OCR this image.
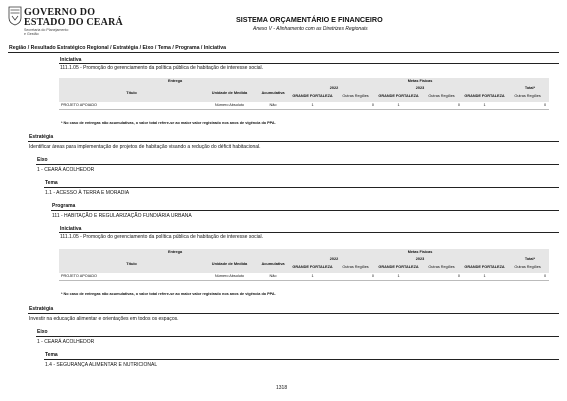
GOVERNO DO
ESTADO DO CEARÁ
Secretaria do Planejamento
e Gestão
SISTEMA ORÇAMENTÁRIO E FINANCEIRO
Anexo V - Alinhamento com as Diretrizes Regionais
Região / Resultado Estratégico Regional / Estratégia / Eixo / Tema / Programa / Iniciativa
Iniciativa
111.1.05 - Promoção do gerenciamento da política pública de habitação de interesse social.
Entrega			Metas Físicas					
Título	Unidade de Medida	Acumulativa	2022		2023		Total*	
			GRANDE FORTALEZA	Outras Regiões	GRANDE FORTALEZA	Outras Regiões	GRANDE FORTALEZA	Outras Regiões
PROJETO APOIADO	Número Absoluto	Não	1	0	1	0	1	0
* No caso de entregas não acumulativas, o valor total refere-se ao maior valor registrado nos anos de vigência do PPA.
Estratégia
Identificar áreas para implementação de projetos de habitação visando a redução do déficit habitacional.
Eixo
1 - CEARÁ ACOLHEDOR
Tema
1.1 - ACESSO À TERRA E MORADIA
Programa
111 - HABITAÇÃO E REGULARIZAÇÃO FUNDIÁRIA URBANA
Iniciativa
111.1.05 - Promoção do gerenciamento da política pública de habitação de interesse social.
Entrega			Metas Físicas					
Título	Unidade de Medida	Acumulativa	2022		2023		Total*	
			GRANDE FORTALEZA	Outras Regiões	GRANDE FORTALEZA	Outras Regiões	GRANDE FORTALEZA	Outras Regiões
PROJETO APOIADO	Número Absoluto	Não	1	0	1	0	1	0
* No caso de entregas não acumulativas, o valor total refere-se ao maior valor registrado nos anos de vigência do PPA.
Estratégia
Investir na educação alimentar e orientações em todos os espaços.
Eixo
1 - CEARÁ ACOLHEDOR
Tema
1.4 - SEGURANÇA ALIMENTAR E NUTRICIONAL
1318
